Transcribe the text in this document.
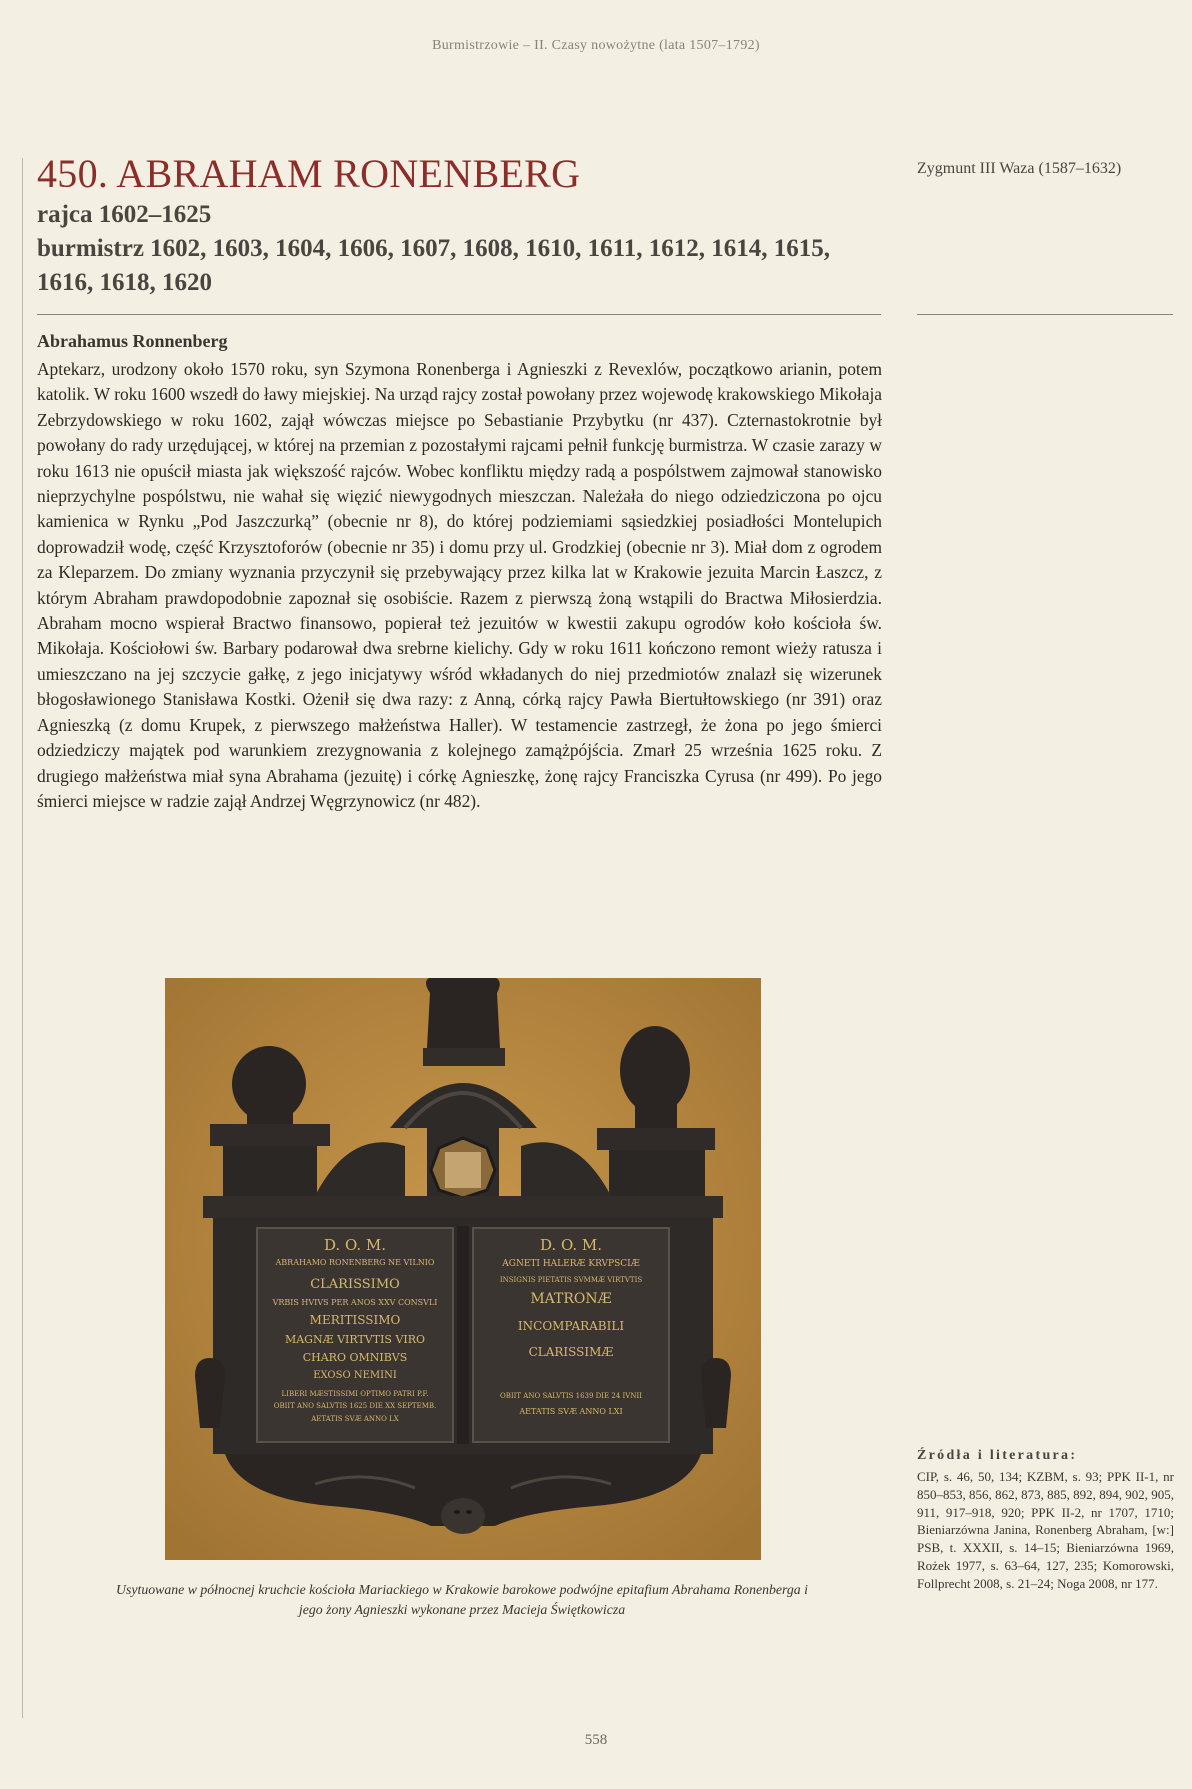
Burmistrzowie – II. Czasy nowożytne (lata 1507–1792)
450. ABRAHAM RONENBERG
rajca 1602–1625
burmistrz 1602, 1603, 1604, 1606, 1607, 1608, 1610, 1611, 1612, 1614, 1615, 1616, 1618, 1620
Zygmunt III Waza (1587–1632)
Abrahamus Ronnenberg

Aptekarz, urodzony około 1570 roku, syn Szymona Ronenberga i Agnieszki z Revexlów, początkowo arianin, potem katolik. W roku 1600 wszedł do ławy miejskiej. Na urząd rajcy został powołany przez wojewodę krakowskiego Mikołaja Zebrzydowskiego w roku 1602, zajął wówczas miejsce po Sebastianie Przybytku (nr 437). Czternastokrotnie był powołany do rady urzędującej, w której na przemian z pozostałymi rajcami pełnił funkcję burmistrza. W czasie zarazy w roku 1613 nie opuścił miasta jak większość rajców. Wobec konfliktu między radą a pospólstwem zajmował stanowisko nieprzychylne pospólstwu, nie wahał się więzić niewygodnych mieszczan. Należała do niego odziedziczona po ojcu kamienica w Rynku „Pod Jaszczurką” (obecnie nr 8), do której podziemiami sąsiedzkiej posiadłości Montelupich doprowadził wodę, część Krzysztoforów (obecnie nr 35) i domu przy ul. Grodzkiej (obecnie nr 3). Miał dom z ogrodem za Kleparzem. Do zmiany wyznania przyczynił się przebywający przez kilka lat w Krakowie jezuita Marcin Łaszcz, z którym Abraham prawdopodobnie zapoznał się osobiście. Razem z pierwszą żoną wstąpili do Bractwa Miłosierdzia. Abraham mocno wspierał Bractwo finansowo, popierał też jezuitów w kwestii zakupu ogrodów koło kościoła św. Mikołaja. Kościołowi św. Barbary podarował dwa srebrne kielichy. Gdy w roku 1611 kończono remont wieży ratusza i umieszczano na jej szczycie gałkę, z jego inicjatywy wśród wkładanych do niej przedmiotów znalazł się wizerunek błogosławionego Stanisława Kostki. Ożenił się dwa razy: z Anną, córką rajcy Pawła Biertułtowskiego (nr 391) oraz Agnieszką (z domu Krupek, z pierwszego małżeństwa Haller). W testamencie zastrzegł, że żona po jego śmierci odziedziczy majątek pod warunkiem zrezygnowania z kolejnego zamążpójścia. Zmarł 25 września 1625 roku. Z drugiego małżeństwa miał syna Abrahama (jezuitę) i córkę Agnieszkę, żonę rajcy Franciszka Cyrusa (nr 499). Po jego śmierci miejsce w radzie zajął Andrzej Węgrzynowicz (nr 482).

D. O. M.
ABRAHAMO RONENBERG NE VILNIO
CLARISSIMO
VRBIS HVIVS PER ANOS XXV CONSVLI
MERITISSIMO
MAGNÆ VIRTVTIS VIRO
CHARO OMNIBVS
EXOSO NEMINI
LIBERI MÆSTISSIMI OPTIMO PATRI P.F.
OBIIT ANO SALVTIS 1625 DIE XX SEPTEMB.
AETATIS SVÆ ANNO LX
D. O. M.
AGNETI HALERÆ KRVPSCIÆ
INSIGNIS PIETATIS SVMMÆ VIRTVTIS
MATRONÆ
INCOMPARABILI
CLARISSIMÆ
OBIIT ANO SALVTIS 1639 DIE 24 IVNII
AETATIS SVÆ ANNO LXI

Usytuowane w północnej kruchcie kościoła Mariackiego w Krakowie barokowe podwójne epitafium Abrahama Ronenberga i jego żony Agnieszki wykonane przez Macieja Świętkowicza

Źródła i literatura:

CIP, s. 46, 50, 134; KZBM, s. 93; PPK II-1, nr 850–853, 856, 862, 873, 885, 892, 894, 902, 905, 911, 917–918, 920; PPK II-2, nr 1707, 1710; Bieniarzówna Janina, Ronenberg Abraham, [w:] PSB, t. XXXII, s. 14–15; Bieniarzówna 1969, Rożek 1977, s. 63–64, 127, 235; Komorowski, Follprecht 2008, s. 21–24; Noga 2008, nr 177.

558
